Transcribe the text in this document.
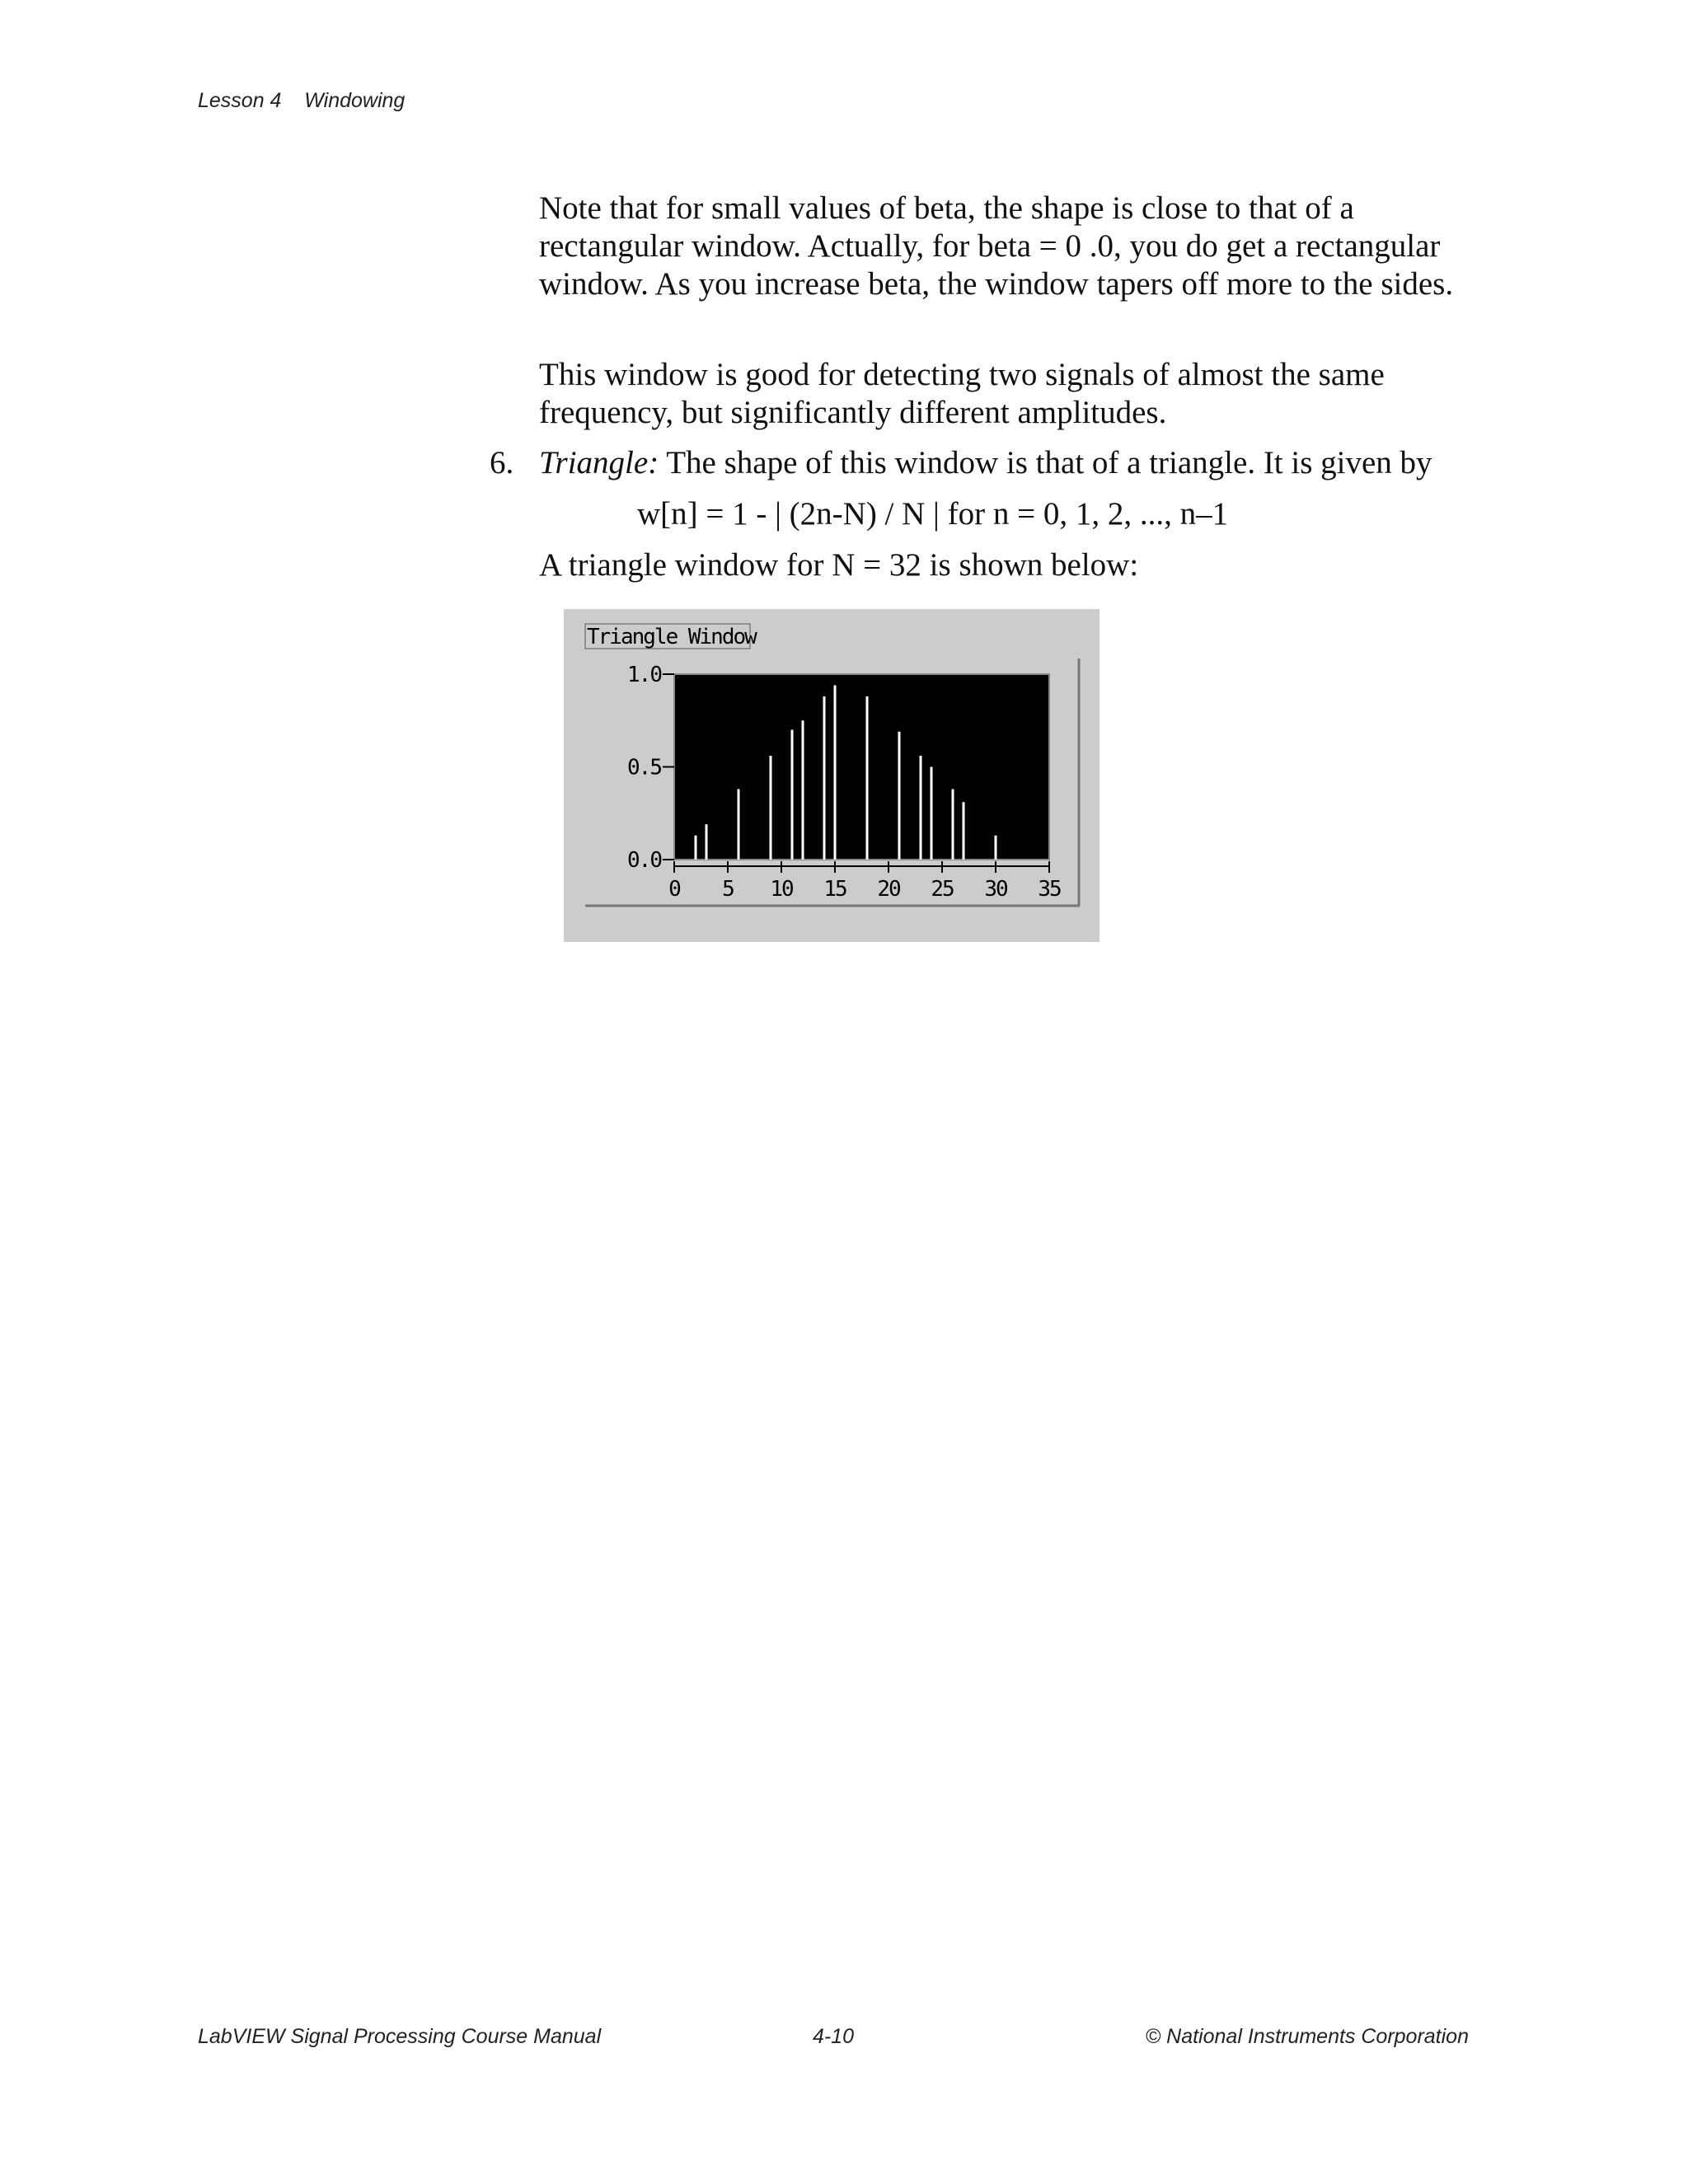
Lesson 4 Windowing
Note that for small values of beta, the shape is close to that of a rectangular window. Actually, for beta = 0 .0, you do get a rectangular window. As you increase beta, the window tapers off more to the sides.
This window is good for detecting two signals of almost the same frequency, but significantly different amplitudes.
6. Triangle: The shape of this window is that of a triangle. It is given by
w[n] = 1 - | (2n-N) / N | for n = 0, 1, 2, ..., n–1
A triangle window for N = 32 is shown below:
Triangle Window
0 5 10 15 20 25 30 35
1.0
0.5
0.0
LabVIEW Signal Processing Course Manual	4-10	© National Instruments Corporation
